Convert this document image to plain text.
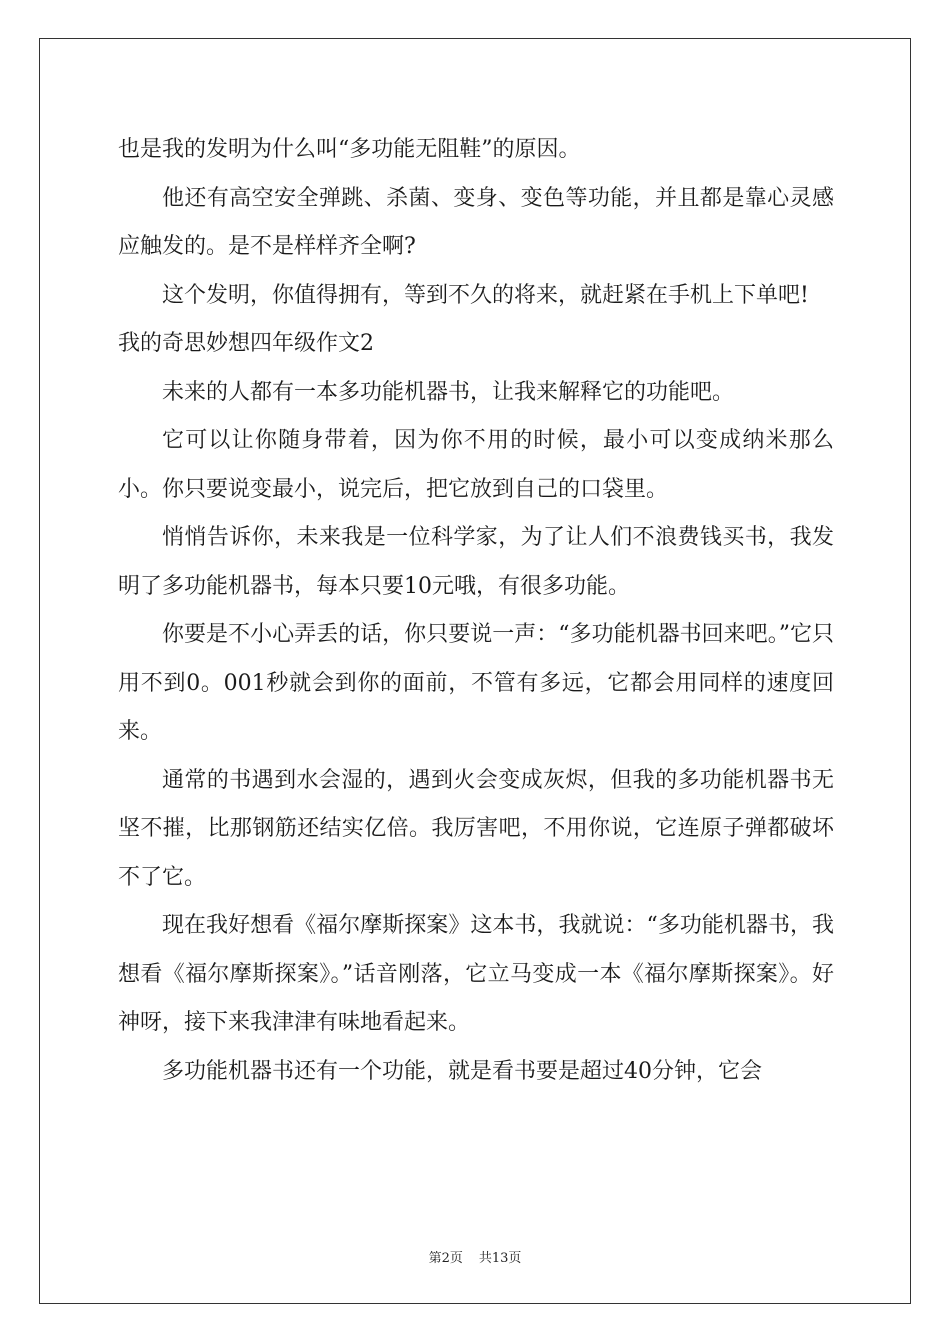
也是我的发明为什么叫“多功能无阻鞋”的原因。

他还有高空安全弹跳、杀菌、变身、变色等功能，并且都是靠心灵感应触发的。是不是样样齐全啊?

这个发明，你值得拥有，等到不久的将来，就赶紧在手机上下单吧!

我的奇思妙想四年级作文2

未来的人都有一本多功能机器书，让我来解释它的功能吧。

它可以让你随身带着，因为你不用的时候，最小可以变成纳米那么小。你只要说变最小，说完后，把它放到自己的口袋里。

悄悄告诉你，未来我是一位科学家，为了让人们不浪费钱买书，我发明了多功能机器书，每本只要10元哦，有很多功能。

你要是不小心弄丢的话，你只要说一声：“多功能机器书回来吧。”它只用不到0。001秒就会到你的面前，不管有多远，它都会用同样的速度回来。

通常的书遇到水会湿的，遇到火会变成灰烬，但我的多功能机器书无坚不摧，比那钢筋还结实亿倍。我厉害吧，不用你说，它连原子弹都破坏不了它。

现在我好想看《福尔摩斯探案》这本书，我就说：“多功能机器书，我想看《福尔摩斯探案》。”话音刚落，它立马变成一本《福尔摩斯探案》。好神呀，接下来我津津有味地看起来。

多功能机器书还有一个功能，就是看书要是超过40分钟，它会

第2页 共13页
